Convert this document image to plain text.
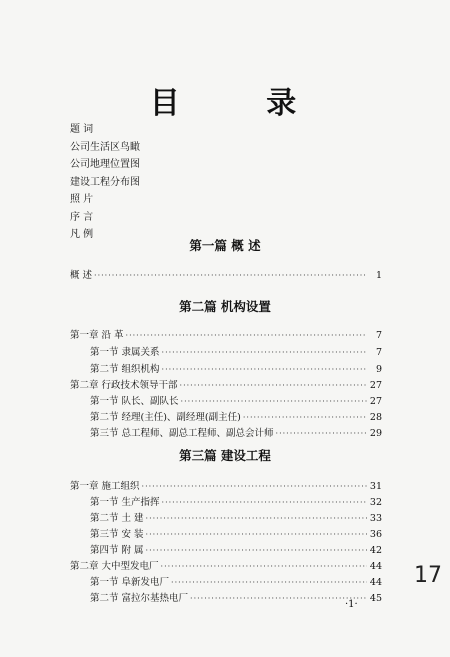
目 录
题 词
公司生活区鸟瞰
公司地理位置图
建设工程分布图
照 片
序 言
凡 例
第一篇 概 述
概 述 ·····	1
第二篇 机构设置
第一章 沿 革 ·····	7
第一节 隶属关系 ·····	7
第二节 组织机构 ·····	9
第二章 行政技术领导干部 ·····	27
第一节 队长、副队长 ·····	27
第二节 经理(主任)、副经理(副主任) ·····	28
第三节 总工程师、副总工程师、副总会计师 ·····	29
第三篇 建设工程
第一章 施工组织 ·····	31
第一节 生产指挥 ·····	32
第二节 土 建 ·····	33
第三节 安 装 ·····	36
第四节 附 属 ·····	42
第二章 大中型发电厂 ·····	44
第一节 阜新发电厂 ·····	44
第二节 富拉尔基热电厂 ·····	45
·1·
17
